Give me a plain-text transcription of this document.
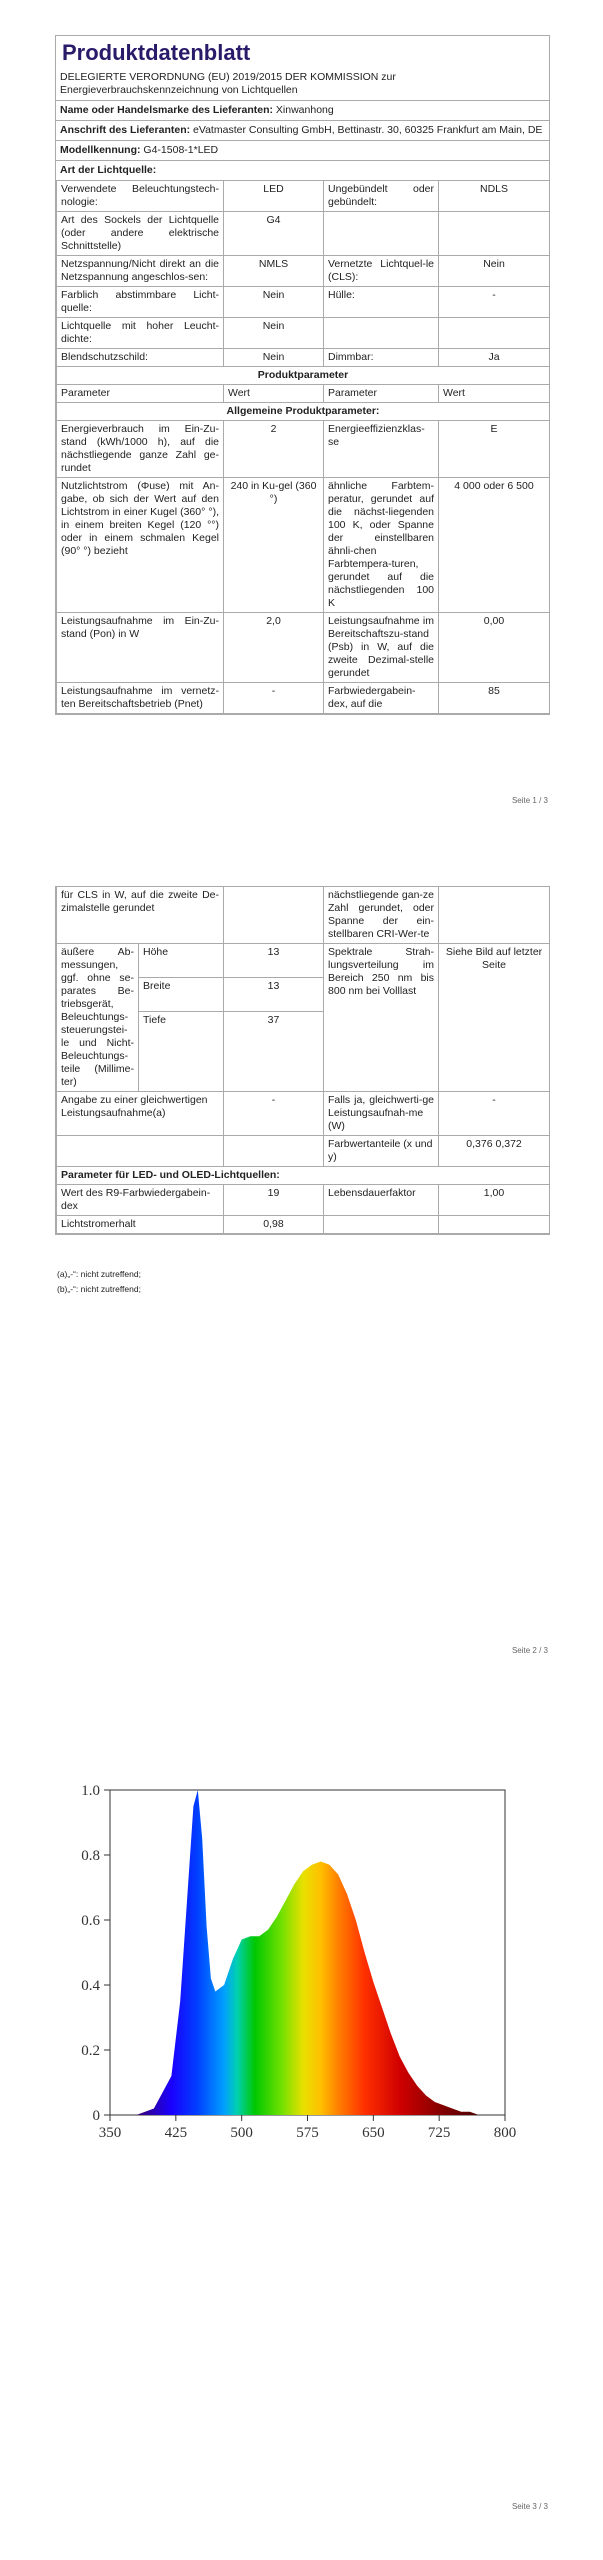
Produktdatenblatt
DELEGIERTE VERORDNUNG (EU) 2019/2015 DER KOMMISSION zur Energieverbrauchskennzeichnung von Lichtquellen
Name oder Handelsmarke des Lieferanten: Xinwanhong
Anschrift des Lieferanten: eVatmaster Consulting GmbH, Bettinastr. 30, 60325 Frankfurt am Main, DE
Modellkennung: G4-1508-1*LED
Art der Lichtquelle:
Verwendete Beleuchtungstech-nologie:	LED	Ungebündelt oder gebündelt:	NDLS
Art des Sockels der Lichtquelle (oder andere elektrische Schnittstelle)	G4		
Netzspannung/Nicht direkt an die Netzspannung angeschlos-sen:	NMLS	Vernetzte Lichtquel-le (CLS):	Nein
Farblich abstimmbare Licht-quelle:	Nein	Hülle:	-
Lichtquelle mit hoher Leucht-dichte:	Nein		
Blendschutzschild:	Nein	Dimmbar:	Ja
Produktparameter			
Parameter	Wert	Parameter	Wert
Allgemeine Produktparameter:			
Energieverbrauch im Ein-Zu-stand (kWh/1000 h), auf die nächstliegende ganze Zahl ge-rundet	2	Energieeffizienzklas-se	E
Nutzlichtstrom (Φuse) mit An-gabe, ob sich der Wert auf den Lichtstrom in einer Kugel (360° °), in einem breiten Kegel (120 °°) oder in einem schmalen Kegel (90° °) bezieht	240 in Ku-gel (360 °)	ähnliche Farbtem-peratur, gerundet auf die nächst-liegenden 100 K, oder Spanne der einstellbaren ähnli-chen Farbtempera-turen, gerundet auf die nächstliegenden 100 K	4 000 oder 6 500
Leistungsaufnahme im Ein-Zu-stand (Pon) in W	2,0	Leistungsaufnahme im Bereitschaftszu-stand (Psb) in W, auf die zweite Dezimal-stelle gerundet	0,00
Leistungsaufnahme im vernetz-ten Bereitschaftsbetrieb (Pnet)	-	Farbwiedergabein-dex, auf die	85
Seite 1 / 3
für CLS in W, auf die zweite De-zimalstelle gerundet			nächstliegende gan-ze Zahl gerundet, oder Spanne der ein-stellbaren CRI-Wer-te	
äußere Ab-messungen, ggf. ohne se-parates Be-triebsgerät, Beleuchtungs-steuerungstei-le und Nicht-Beleuchtungs-teile (Millime-ter)	Höhe	13	Spektrale Strah-lungsverteilung im Bereich 250 nm bis 800 nm bei Volllast	Siehe Bild auf letzter Seite
	Breite	13		
	Tiefe	37		
Angabe zu einer gleichwertigen Leistungsaufnahme(a)		-	Falls ja, gleichwerti-ge Leistungsaufnah-me (W)	-
			Farbwertanteile (x und y)	0,376 0,372
Parameter für LED- und OLED-Lichtquellen:				
Wert des R9-Farbwiedergabein-dex		19	Lebensdauerfaktor	1,00
Lichtstromerhalt		0,98		
(a)„-“: nicht zutreffend;
(b)„-“: nicht zutreffend;
Seite 2 / 3
350	425	500	575	650	725	800
0
0.2
0.4
0.6
0.8
1.0
Seite 3 / 3
